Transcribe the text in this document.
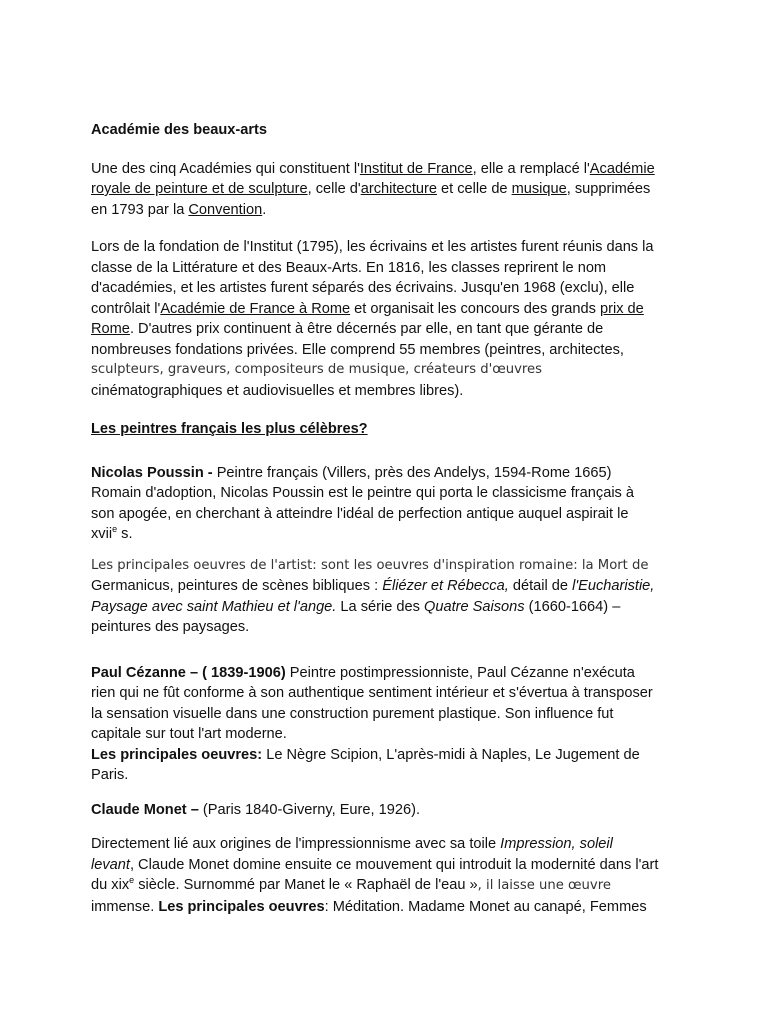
Académie des beaux-arts

Une des cinq Académies qui constituent l'Institut de France, elle a remplacé l'Académie
royale de peinture et de sculpture, celle d'architecture et celle de musique, supprimées
en 1793 par la Convention.

Lors de la fondation de l'Institut (1795), les écrivains et les artistes furent réunis dans la
classe de la Littérature et des Beaux-Arts. En 1816, les classes reprirent le nom
d'académies, et les artistes furent séparés des écrivains. Jusqu'en 1968 (exclu), elle
contrôlait l'Académie de France à Rome et organisait les concours des grands prix de
Rome. D'autres prix continuent à être décernés par elle, en tant que gérante de
nombreuses fondations privées. Elle comprend 55 membres (peintres, architectes,
sculpteurs, graveurs, compositeurs de musique, créateurs d'œuvres
cinématographiques et audiovisuelles et membres libres).

Les peintres français les plus célèbres?

Nicolas Poussin - Peintre français (Villers, près des Andelys, 1594-Rome 1665)
Romain d'adoption, Nicolas Poussin est le peintre qui porta le classicisme français à
son apogée, en cherchant à atteindre l'idéal de perfection antique auquel aspirait le
xvii$^e$ s.

Les principales oeuvres de l'artist: sont les oeuvres d'inspiration romaine: la Mort de
Germanicus, peintures de scènes bibliques : Éliézer et Rébecca, détail de l'Eucharistie,
Paysage avec saint Mathieu et l'ange. La série des Quatre Saisons (1660-1664) –
peintures des paysages.

Paul Cézanne – ( 1839-1906) Peintre postimpressionniste, Paul Cézanne n'exécuta
rien qui ne fût conforme à son authentique sentiment intérieur et s'évertua à transposer
la sensation visuelle dans une construction purement plastique. Son influence fut
capitale sur tout l'art moderne.
Les principales oeuvres: Le Nègre Scipion, L'après-midi à Naples, Le Jugement de
Paris.

Claude Monet – (Paris 1840-Giverny, Eure, 1926).

Directement lié aux origines de l'impressionnisme avec sa toile Impression, soleil
levant, Claude Monet domine ensuite ce mouvement qui introduit la modernité dans l'art
du xix$^e$ siècle. Surnommé par Manet le « Raphaël de l'eau », il laisse une œuvre
immense. Les principales oeuvres: Méditation. Madame Monet au canapé, Femmes
